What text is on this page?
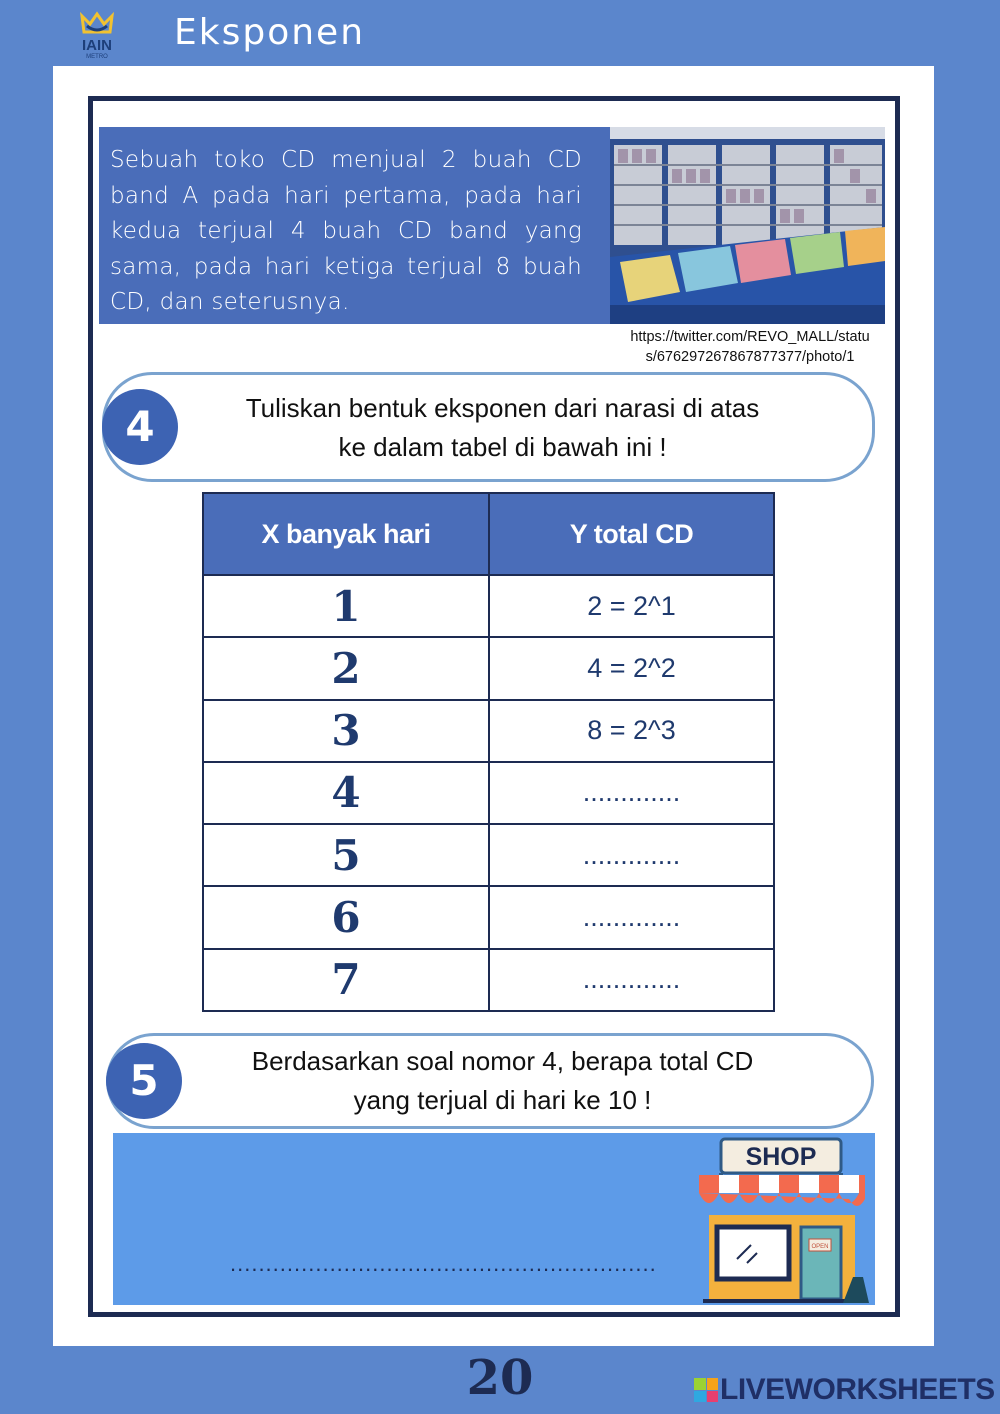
IAIN
METRO
Eksponen
Sebuah toko CD menjual 2 buah CD band A pada hari pertama, pada hari kedua terjual 4 buah CD band yang sama, pada hari ketiga terjual 8 buah CD, dan seterusnya.
https://twitter.com/REVO_MALL/statu
s/676297267867877377/photo/1
4	Tuliskan bentuk eksponen dari narasi di atas
ke dalam tabel di bawah ini !
X banyak hari	Y total CD
1	2 = 2^1
2	4 = 2^2
3	8 = 2^3
4	.............
5	.............
6	.............
7	.............
5	Berdasarkan soal nomor 4, berapa total CD
yang terjual di hari ke 10 !
............................................................
SHOP
OPEN
20	LIVEWORKSHEETS
